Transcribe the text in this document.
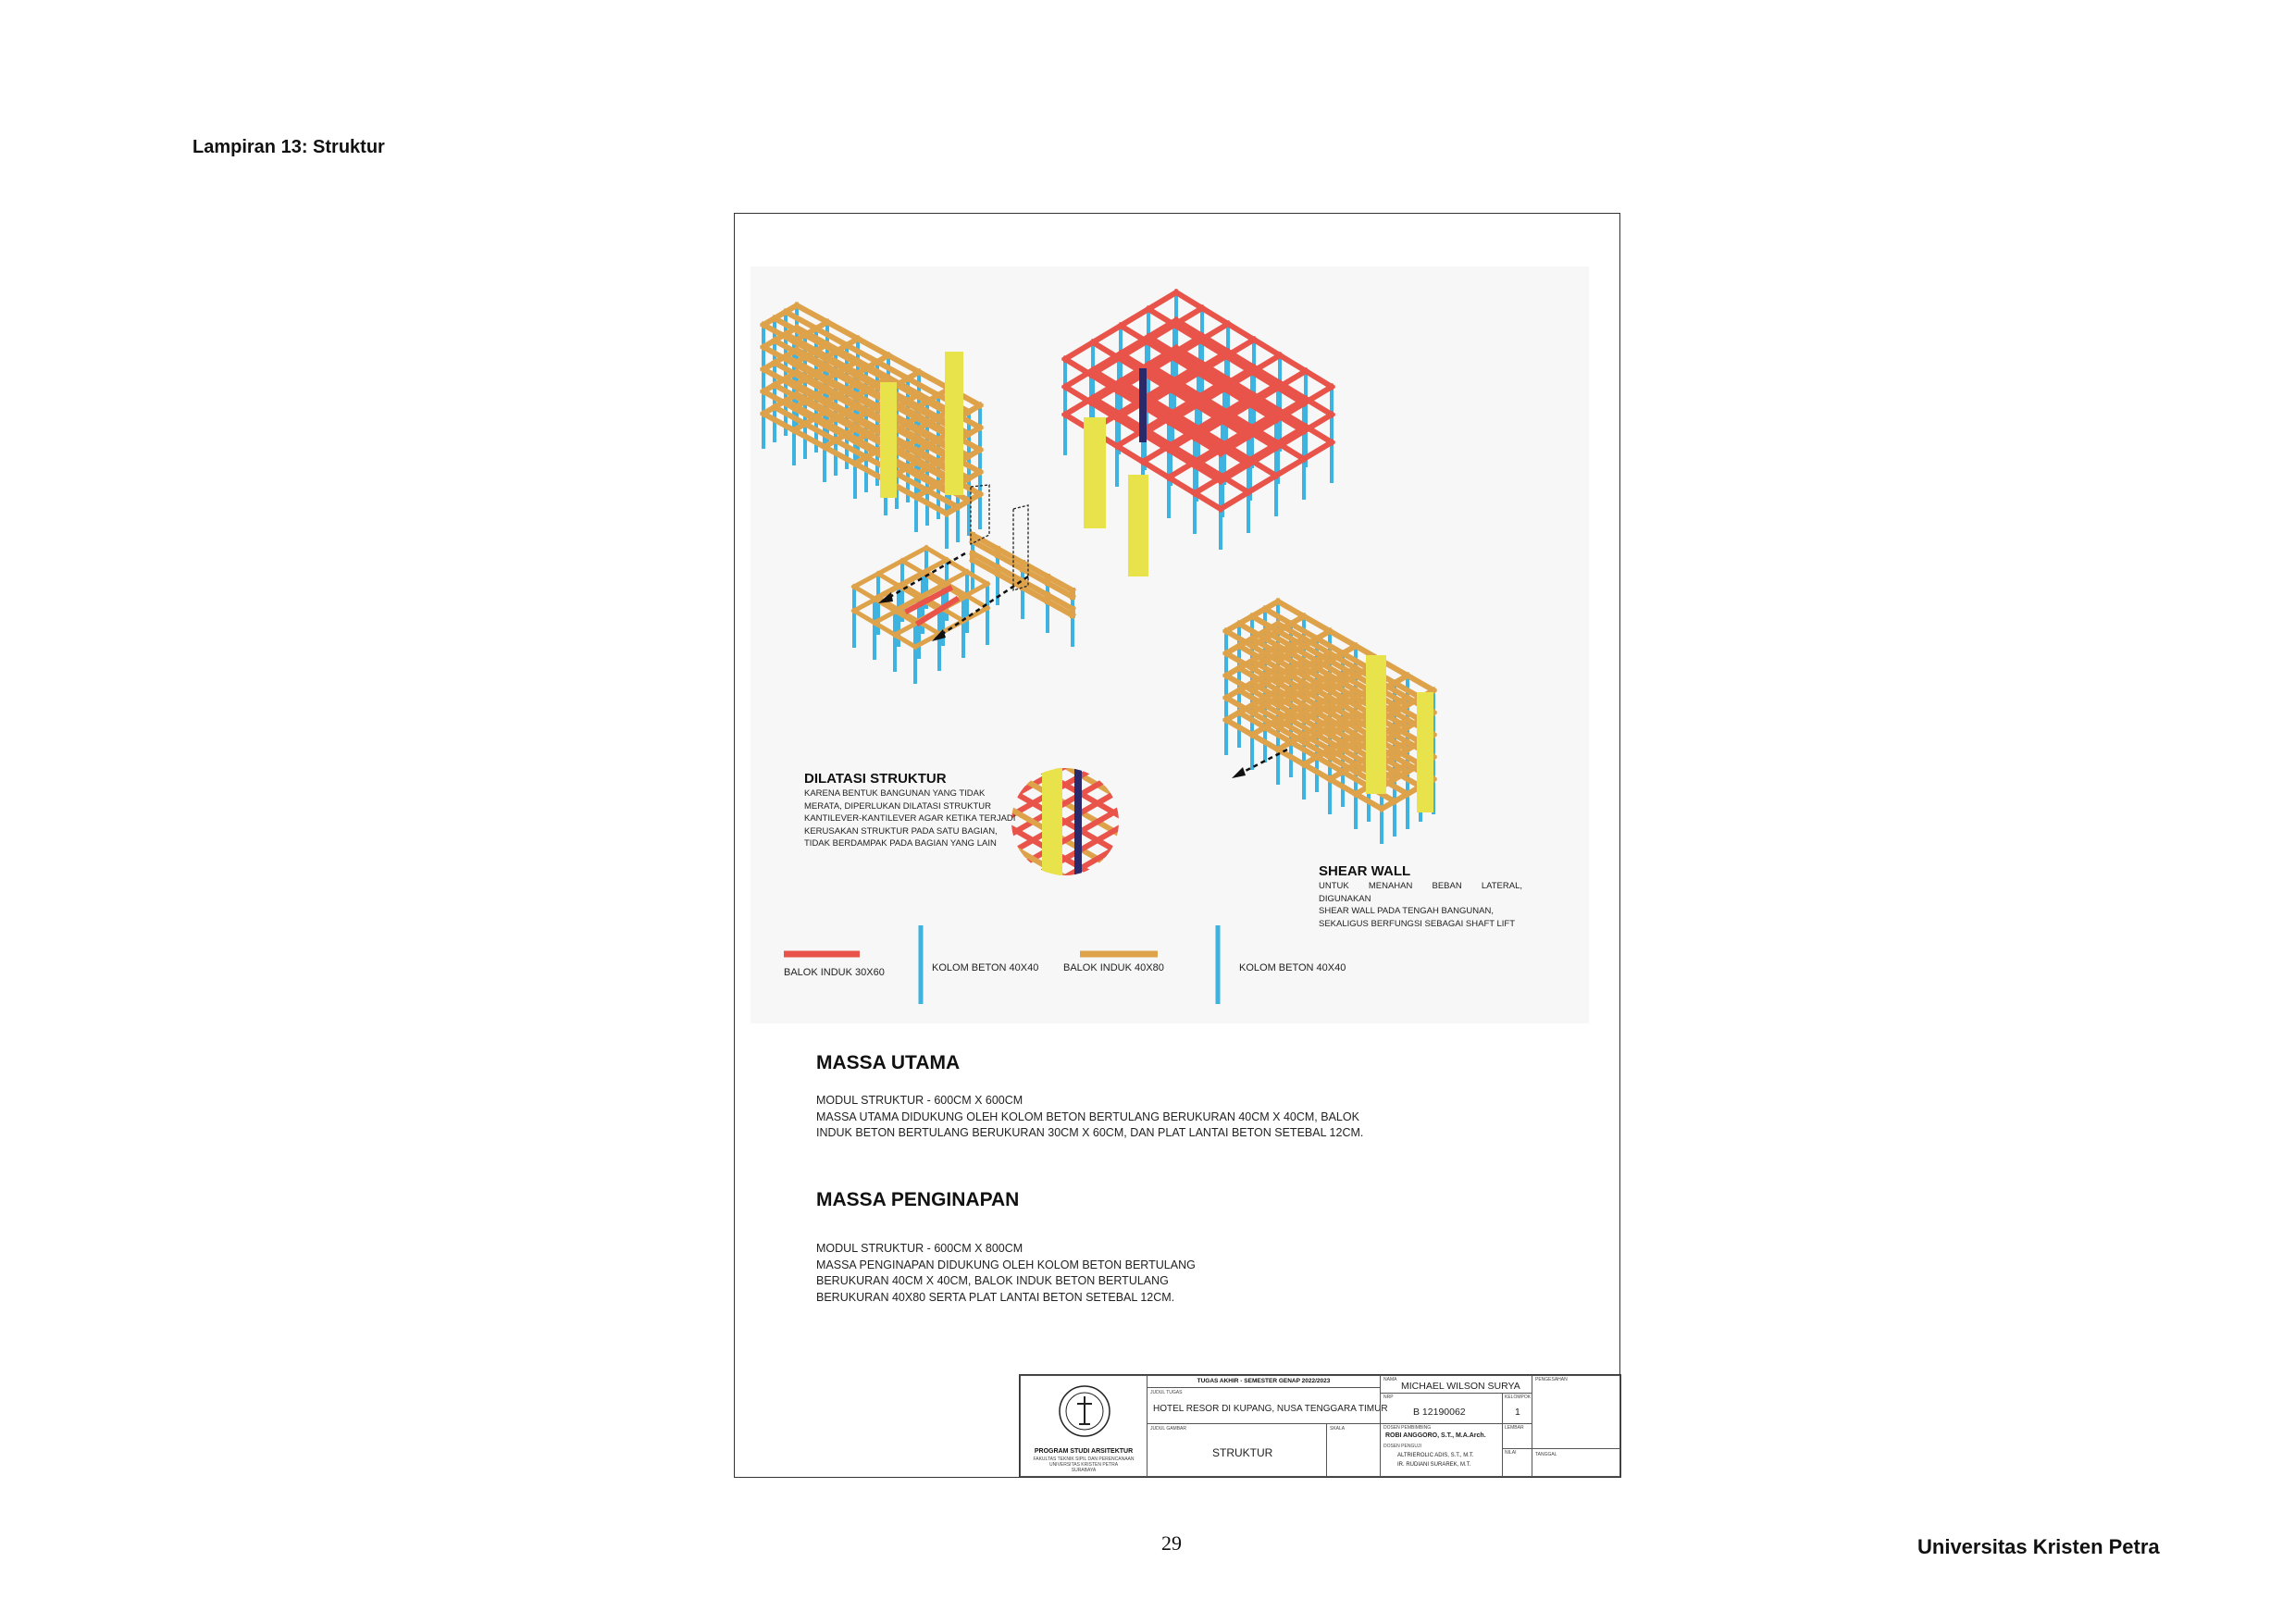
Lampiran 13: Struktur
DILATASI STRUKTUR
KARENA BENTUK BANGUNAN YANG TIDAK
MERATA, DIPERLUKAN DILATASI STRUKTUR
KANTILEVER-KANTILEVER AGAR KETIKA TERJADI
KERUSAKAN STRUKTUR PADA SATU BAGIAN,
TIDAK BERDAMPAK PADA BAGIAN YANG LAIN
SHEAR WALL
UNTUK MENAHAN BEBAN LATERAL, DIGUNAKAN
SHEAR WALL PADA TENGAH BANGUNAN,
SEKALIGUS BERFUNGSI SEBAGAI SHAFT LIFT
BALOK INDUK 30X60	KOLOM BETON 40X40 BALOK INDUK 40X80	KOLOM BETON 40X40
MASSA UTAMA
MODUL STRUKTUR - 600CM X 600CM
MASSA UTAMA DIDUKUNG OLEH KOLOM BETON BERTULANG BERUKURAN 40CM X 40CM, BALOK
INDUK BETON BERTULANG BERUKURAN 30CM X 60CM, DAN PLAT LANTAI BETON SETEBAL 12CM.
MASSA PENGINAPAN
MODUL STRUKTUR - 600CM X 800CM
MASSA PENGINAPAN DIDUKUNG OLEH KOLOM BETON BERTULANG
BERUKURAN 40CM X 40CM, BALOK INDUK BETON BERTULANG
BERUKURAN 40X80 SERTA PLAT LANTAI BETON SETEBAL 12CM.
PROGRAM STUDI ARSITEKTUR
FAKULTAS TEKNIK SIPIL DAN PERENCANAAN
UNIVERSITAS KRISTEN PETRA
SURABAYA
TUGAS AKHIR - SEMESTER GENAP 2022/2023
JUDUL TUGAS
HOTEL RESOR DI KUPANG, NUSA TENGGARA TIMUR
JUDUL GAMBAR
STRUKTUR
SKALA
NAMA
MICHAEL WILSON SURYA
NRP
B 12190062
KELOMPOK
1
DOSEN PEMBIMBING
ROBI ANGGORO, S.T., M.A.Arch.
DOSEN PENGUJI
ALTRIEROLIC ADIS, S.T., M.T.
IR. RUDIANI SURAREK, M.T.
LEMBAR
NILAI
PENGESAHAN
TANGGAL
29	Universitas Kristen Petra
